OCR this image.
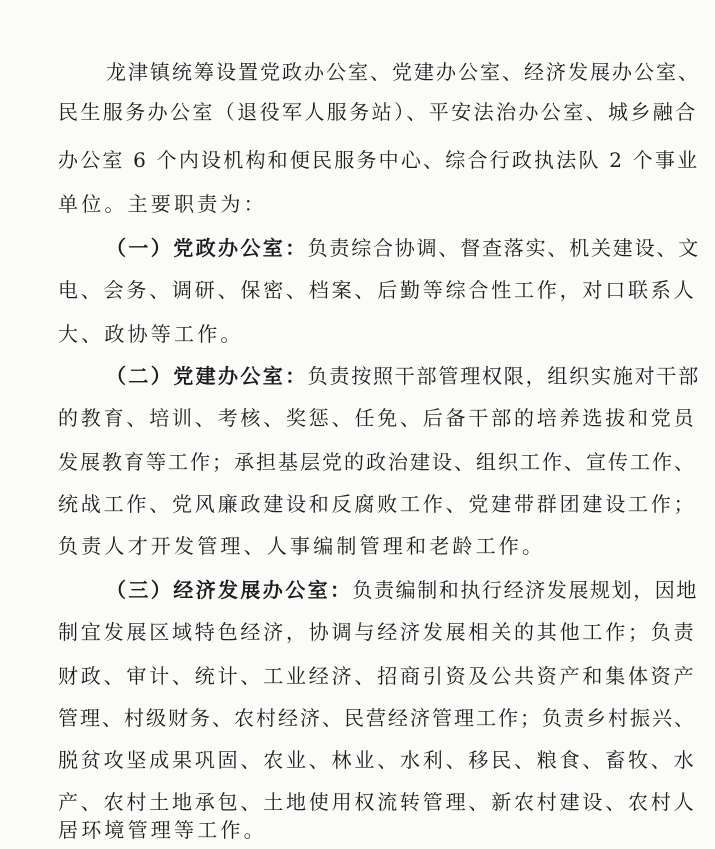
龙津镇统筹设置党政办公室、党建办公室、经济发展办公室、
民生服务办公室（退役军人服务站）、平安法治办公室、城乡融合
办公室 6 个内设机构和便民服务中心、综合行政执法队 2 个事业
单位。主要职责为：
（一）党政办公室：负责综合协调、督查落实、机关建设、文
电、会务、调研、保密、档案、后勤等综合性工作，对口联系人
大、政协等工作。
（二）党建办公室：负责按照干部管理权限，组织实施对干部
的教育、培训、考核、奖惩、任免、后备干部的培养选拔和党员
发展教育等工作；承担基层党的政治建设、组织工作、宣传工作、
统战工作、党风廉政建设和反腐败工作、党建带群团建设工作；
负责人才开发管理、人事编制管理和老龄工作。
（三）经济发展办公室：负责编制和执行经济发展规划，因地
制宜发展区域特色经济，协调与经济发展相关的其他工作；负责
财政、审计、统计、工业经济、招商引资及公共资产和集体资产
管理、村级财务、农村经济、民营经济管理工作；负责乡村振兴、
脱贫攻坚成果巩固、农业、林业、水利、移民、粮食、畜牧、水
产、农村土地承包、土地使用权流转管理、新农村建设、农村人
居环境管理等工作。
